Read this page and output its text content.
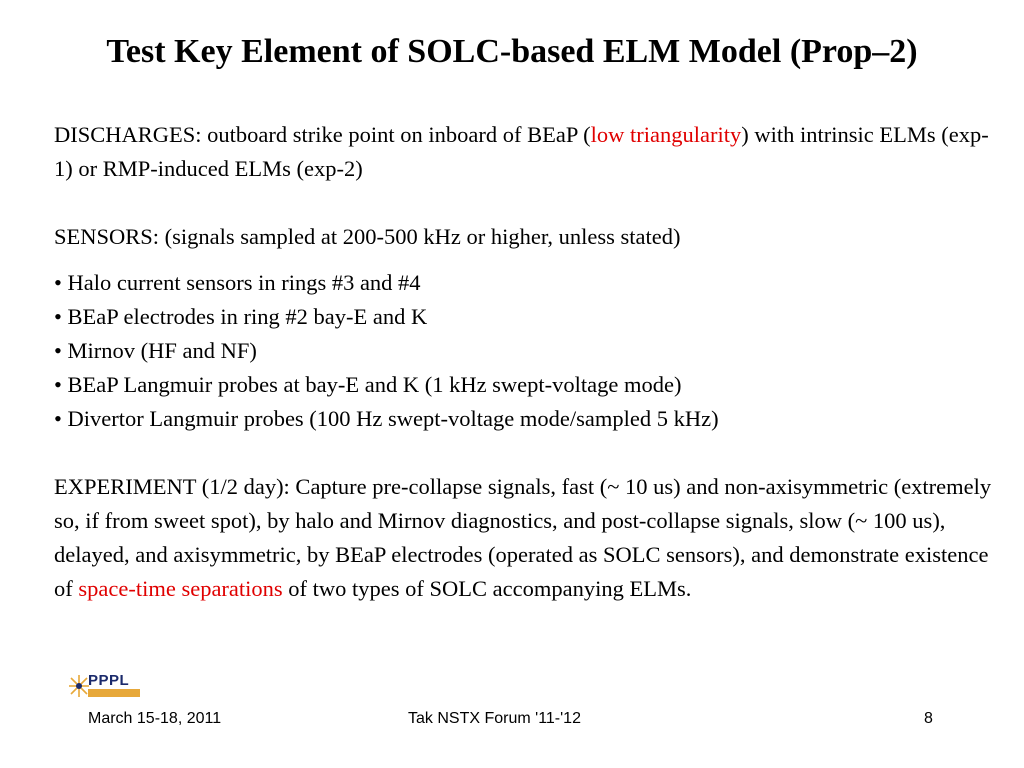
Test Key Element of SOLC-based ELM Model (Prop–2)

DISCHARGES: outboard strike point on inboard of BEaP (low triangularity) with intrinsic ELMs (exp-1) or RMP-induced ELMs (exp-2)

SENSORS: (signals sampled at 200-500 kHz or higher, unless stated)

• Halo current sensors in rings #3 and #4
• BEaP electrodes in ring #2 bay-E and K
• Mirnov (HF and NF)
• BEaP Langmuir probes at bay-E and K (1 kHz swept-voltage mode)
• Divertor Langmuir probes (100 Hz swept-voltage mode/sampled 5 kHz)

EXPERIMENT (1/2 day): Capture pre-collapse signals, fast (~ 10 us) and non-axisymmetric (extremely so, if from sweet spot), by halo and Mirnov diagnostics, and post-collapse signals, slow (~ 100 us), delayed, and axisymmetric, by BEaP electrodes (operated as SOLC sensors), and demonstrate existence of space-time separations of two types of SOLC accompanying ELMs.

PPPL
March 15-18, 2011	Tak NSTX Forum '11-'12	8
